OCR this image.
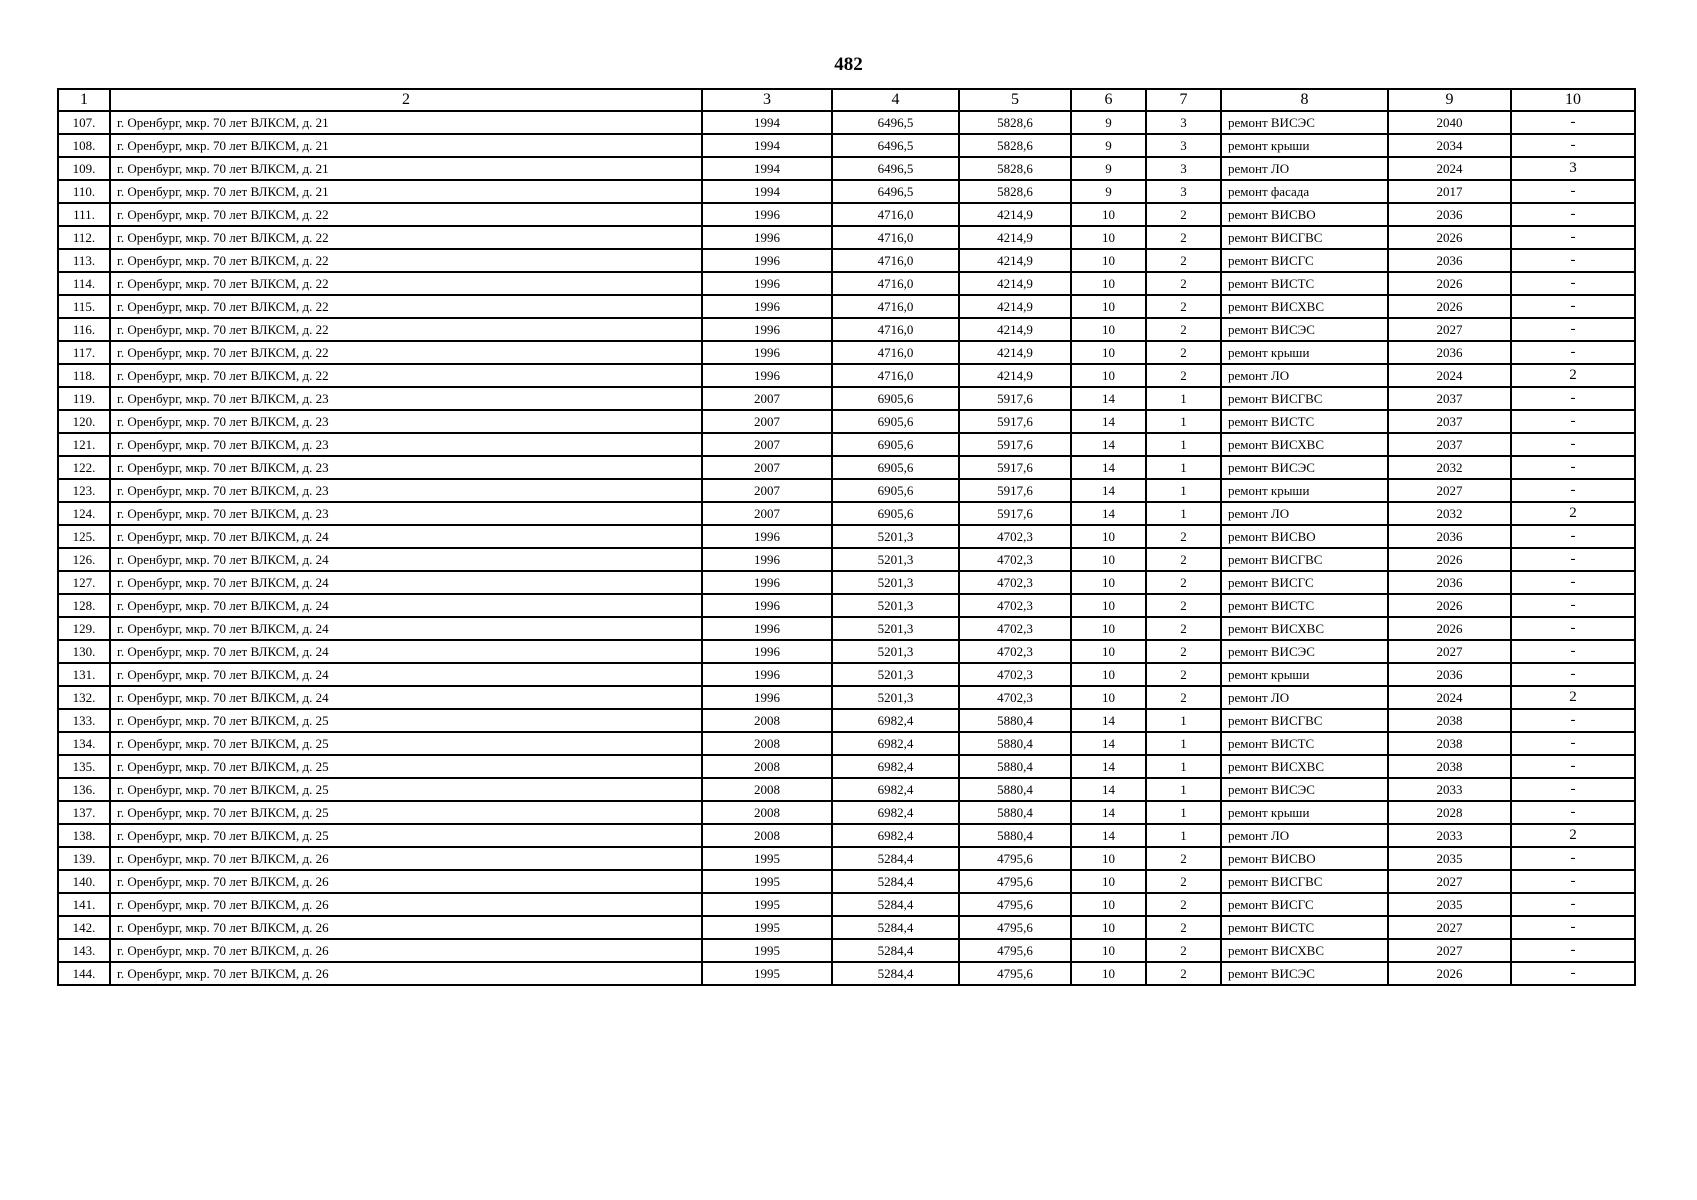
482
1	2	3	4	5	6	7	8	9	10
107.	г. Оренбург, мкр. 70 лет ВЛКСМ, д. 21	1994	6496,5	5828,6	9	3	ремонт ВИСЭС	2040	-
108.	г. Оренбург, мкр. 70 лет ВЛКСМ, д. 21	1994	6496,5	5828,6	9	3	ремонт крыши	2034	-
109.	г. Оренбург, мкр. 70 лет ВЛКСМ, д. 21	1994	6496,5	5828,6	9	3	ремонт ЛО	2024	3
110.	г. Оренбург, мкр. 70 лет ВЛКСМ, д. 21	1994	6496,5	5828,6	9	3	ремонт фасада	2017	-
111.	г. Оренбург, мкр. 70 лет ВЛКСМ, д. 22	1996	4716,0	4214,9	10	2	ремонт ВИСВО	2036	-
112.	г. Оренбург, мкр. 70 лет ВЛКСМ, д. 22	1996	4716,0	4214,9	10	2	ремонт ВИСГВС	2026	-
113.	г. Оренбург, мкр. 70 лет ВЛКСМ, д. 22	1996	4716,0	4214,9	10	2	ремонт ВИСГС	2036	-
114.	г. Оренбург, мкр. 70 лет ВЛКСМ, д. 22	1996	4716,0	4214,9	10	2	ремонт ВИСТС	2026	-
115.	г. Оренбург, мкр. 70 лет ВЛКСМ, д. 22	1996	4716,0	4214,9	10	2	ремонт ВИСХВС	2026	-
116.	г. Оренбург, мкр. 70 лет ВЛКСМ, д. 22	1996	4716,0	4214,9	10	2	ремонт ВИСЭС	2027	-
117.	г. Оренбург, мкр. 70 лет ВЛКСМ, д. 22	1996	4716,0	4214,9	10	2	ремонт крыши	2036	-
118.	г. Оренбург, мкр. 70 лет ВЛКСМ, д. 22	1996	4716,0	4214,9	10	2	ремонт ЛО	2024	2
119.	г. Оренбург, мкр. 70 лет ВЛКСМ, д. 23	2007	6905,6	5917,6	14	1	ремонт ВИСГВС	2037	-
120.	г. Оренбург, мкр. 70 лет ВЛКСМ, д. 23	2007	6905,6	5917,6	14	1	ремонт ВИСТС	2037	-
121.	г. Оренбург, мкр. 70 лет ВЛКСМ, д. 23	2007	6905,6	5917,6	14	1	ремонт ВИСХВС	2037	-
122.	г. Оренбург, мкр. 70 лет ВЛКСМ, д. 23	2007	6905,6	5917,6	14	1	ремонт ВИСЭС	2032	-
123.	г. Оренбург, мкр. 70 лет ВЛКСМ, д. 23	2007	6905,6	5917,6	14	1	ремонт крыши	2027	-
124.	г. Оренбург, мкр. 70 лет ВЛКСМ, д. 23	2007	6905,6	5917,6	14	1	ремонт ЛО	2032	2
125.	г. Оренбург, мкр. 70 лет ВЛКСМ, д. 24	1996	5201,3	4702,3	10	2	ремонт ВИСВО	2036	-
126.	г. Оренбург, мкр. 70 лет ВЛКСМ, д. 24	1996	5201,3	4702,3	10	2	ремонт ВИСГВС	2026	-
127.	г. Оренбург, мкр. 70 лет ВЛКСМ, д. 24	1996	5201,3	4702,3	10	2	ремонт ВИСГС	2036	-
128.	г. Оренбург, мкр. 70 лет ВЛКСМ, д. 24	1996	5201,3	4702,3	10	2	ремонт ВИСТС	2026	-
129.	г. Оренбург, мкр. 70 лет ВЛКСМ, д. 24	1996	5201,3	4702,3	10	2	ремонт ВИСХВС	2026	-
130.	г. Оренбург, мкр. 70 лет ВЛКСМ, д. 24	1996	5201,3	4702,3	10	2	ремонт ВИСЭС	2027	-
131.	г. Оренбург, мкр. 70 лет ВЛКСМ, д. 24	1996	5201,3	4702,3	10	2	ремонт крыши	2036	-
132.	г. Оренбург, мкр. 70 лет ВЛКСМ, д. 24	1996	5201,3	4702,3	10	2	ремонт ЛО	2024	2
133.	г. Оренбург, мкр. 70 лет ВЛКСМ, д. 25	2008	6982,4	5880,4	14	1	ремонт ВИСГВС	2038	-
134.	г. Оренбург, мкр. 70 лет ВЛКСМ, д. 25	2008	6982,4	5880,4	14	1	ремонт ВИСТС	2038	-
135.	г. Оренбург, мкр. 70 лет ВЛКСМ, д. 25	2008	6982,4	5880,4	14	1	ремонт ВИСХВС	2038	-
136.	г. Оренбург, мкр. 70 лет ВЛКСМ, д. 25	2008	6982,4	5880,4	14	1	ремонт ВИСЭС	2033	-
137.	г. Оренбург, мкр. 70 лет ВЛКСМ, д. 25	2008	6982,4	5880,4	14	1	ремонт крыши	2028	-
138.	г. Оренбург, мкр. 70 лет ВЛКСМ, д. 25	2008	6982,4	5880,4	14	1	ремонт ЛО	2033	2
139.	г. Оренбург, мкр. 70 лет ВЛКСМ, д. 26	1995	5284,4	4795,6	10	2	ремонт ВИСВО	2035	-
140.	г. Оренбург, мкр. 70 лет ВЛКСМ, д. 26	1995	5284,4	4795,6	10	2	ремонт ВИСГВС	2027	-
141.	г. Оренбург, мкр. 70 лет ВЛКСМ, д. 26	1995	5284,4	4795,6	10	2	ремонт ВИСГС	2035	-
142.	г. Оренбург, мкр. 70 лет ВЛКСМ, д. 26	1995	5284,4	4795,6	10	2	ремонт ВИСТС	2027	-
143.	г. Оренбург, мкр. 70 лет ВЛКСМ, д. 26	1995	5284,4	4795,6	10	2	ремонт ВИСХВС	2027	-
144.	г. Оренбург, мкр. 70 лет ВЛКСМ, д. 26	1995	5284,4	4795,6	10	2	ремонт ВИСЭС	2026	-
